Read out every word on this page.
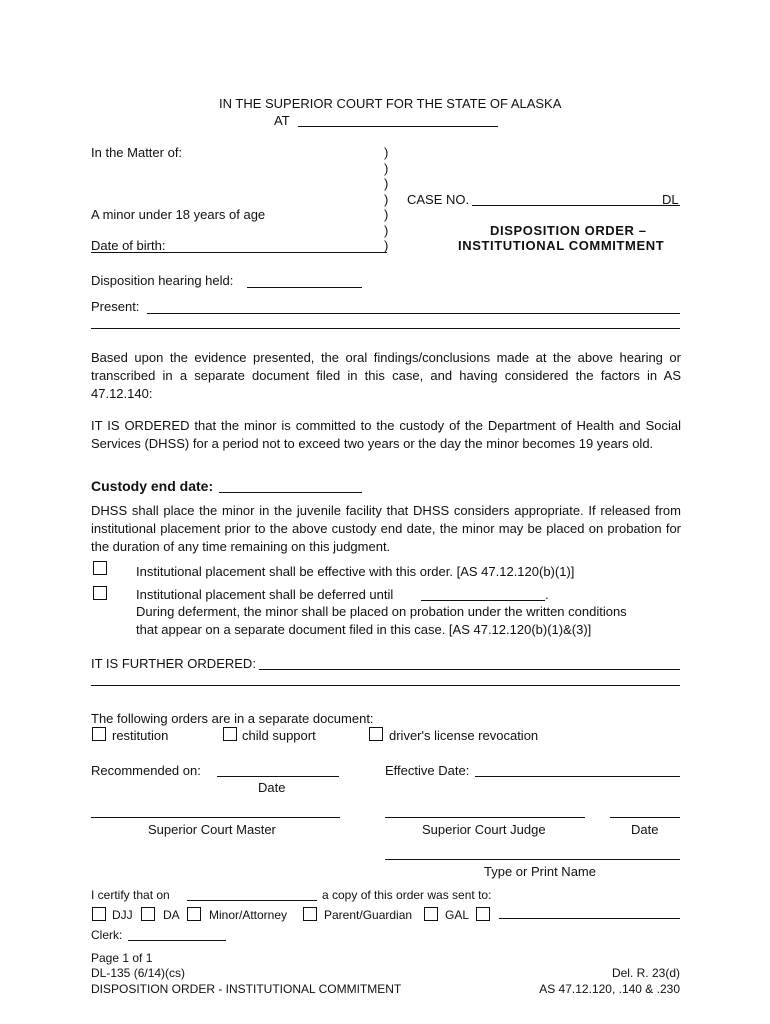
IN THE SUPERIOR COURT FOR THE STATE OF ALASKA
AT
In the Matter of:
A minor under 18 years of age
Date of birth:
)
)
)
)
)
)
)
CASE NO.	DL
DISPOSITION ORDER –
INSTITUTIONAL COMMITMENT
Disposition hearing held:
Present:
Based upon the evidence presented, the oral findings/conclusions made at the above hearing or transcribed in a separate document filed in this case, and having considered the factors in AS 47.12.140:
IT IS ORDERED that the minor is committed to the custody of the Department of Health and Social Services (DHSS) for a period not to exceed two years or the day the minor becomes 19 years old.
Custody end date:
DHSS shall place the minor in the juvenile facility that DHSS considers appropriate. If released from institutional placement prior to the above custody end date, the minor may be placed on probation for the duration of any time remaining on this judgment.
Institutional placement shall be effective with this order. [AS 47.12.120(b)(1)]
Institutional placement shall be deferred until	.
During deferment, the minor shall be placed on probation under the written conditions
that appear on a separate document filed in this case. [AS 47.12.120(b)(1)&(3)]
IT IS FURTHER ORDERED:
The following orders are in a separate document:
restitution	child support	driver's license revocation
Recommended on:
Date
Effective Date:
Superior Court Master	Superior Court Judge	Date
Type or Print Name
I certify that on	a copy of this order was sent to:
DJJ	DA Minor/Attorney	Parent/Guardian	GAL
Clerk:
Page 1 of 1
DL-135 (6/14)(cs)
DISPOSITION ORDER - INSTITUTIONAL COMMITMENT
Del. R. 23(d)
AS 47.12.120, .140 & .230
